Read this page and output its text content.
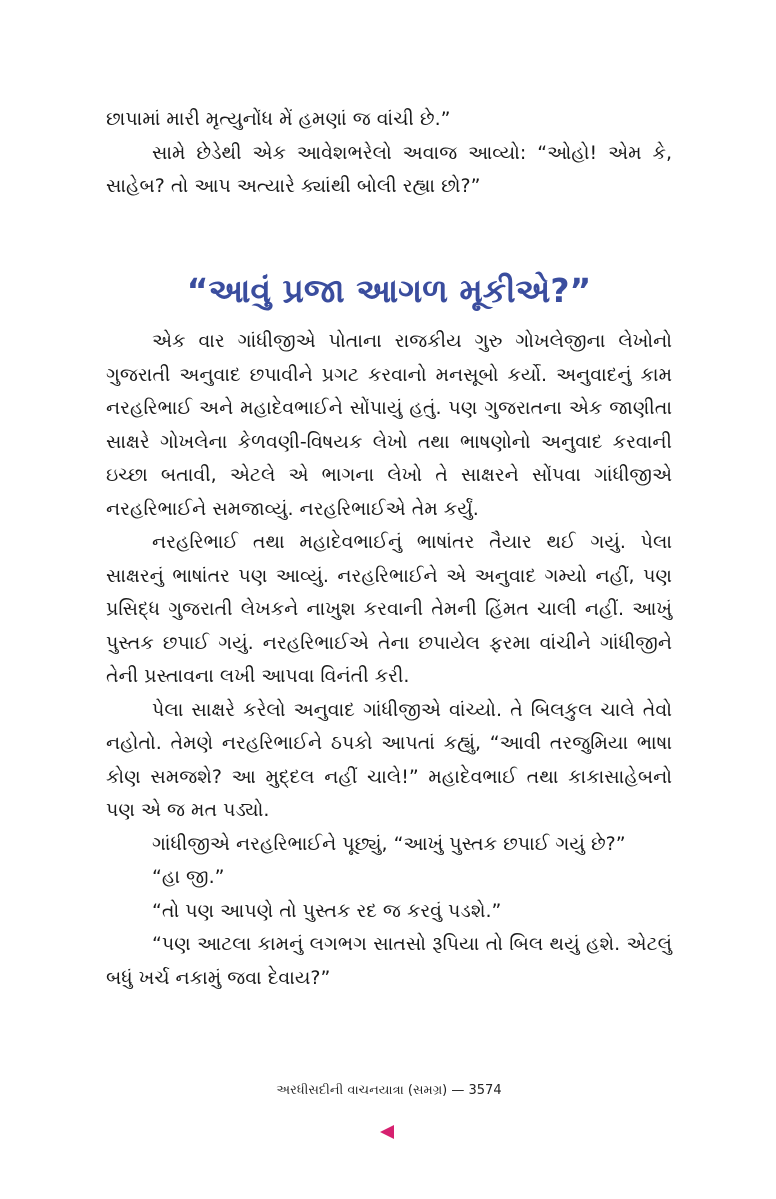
છાપામાં મારી મૃત્યુનોંધ મેં હમણાં જ વાંચી છે.”

સામે છેડેથી એક આવેશભરેલો અવાજ આવ્યો: “ઓહો! એમ કે, સાહેબ? તો આપ અત્યારે ક્યાંથી બોલી રહ્યા છો?”

“આવું પ્રજા આગળ મૂકીએ?”

એક વાર ગાંધીજીએ પોતાના રાજકીય ગુરુ ગોખલેજીના લેખોનો ગુજરાતી અનુવાદ છપાવીને પ્રગટ કરવાનો મનસૂબો કર્યો. અનુવાદનું કામ નરહરિભાઈ અને મહાદેવભાઈને સોંપાયું હતું. પણ ગુજરાતના એક જાણીતા સાક્ષરે ગોખલેના કેળવણી-વિષયક લેખો તથા ભાષણોનો અનુવાદ કરવાની ઇચ્છા બતાવી, એટલે એ ભાગના લેખો તે સાક્ષરને સોંપવા ગાંધીજીએ નરહરિભાઈને સમજાવ્યું. નરહરિભાઈએ તેમ કર્યું.

નરહરિભાઈ તથા મહાદેવભાઈનું ભાષાંતર તૈયાર થઈ ગયું. પેલા સાક્ષરનું ભાષાંતર પણ આવ્યું. નરહરિભાઈને એ અનુવાદ ગમ્યો નહીં, પણ પ્રસિદ્ધ ગુજરાતી લેખકને નાખુશ કરવાની તેમની હિંમત ચાલી નહીં. આખું પુસ્તક છપાઈ ગયું. નરહરિભાઈએ તેના છપાયેલ ફરમા વાંચીને ગાંધીજીને તેની પ્રસ્તાવના લખી આપવા વિનંતી કરી.

પેલા સાક્ષરે કરેલો અનુવાદ ગાંધીજીએ વાંચ્યો. તે બિલકુલ ચાલે તેવો નહોતો. તેમણે નરહરિભાઈને ઠપકો આપતાં કહ્યું, “આવી તરજુમિયા ભાષા કોણ સમજશે? આ મુદ્દલ નહીં ચાલે!” મહાદેવભાઈ તથા કાકાસાહેબનો પણ એ જ મત પડ્યો.

ગાંધીજીએ નરહરિભાઈને પૂછ્યું, “આખું પુસ્તક છપાઈ ગયું છે?”

“હા જી.”

“તો પણ આપણે તો પુસ્તક રદ જ કરવું પડશે.”

“પણ આટલા કામનું લગભગ સાતસો રૂપિયા તો બિલ થયું હશે. એટલું બધું ખર્ચ નકામું જવા દેવાય?”

અરધીસદીની વાચનયાત્રા (સમગ્ર) — 3574
